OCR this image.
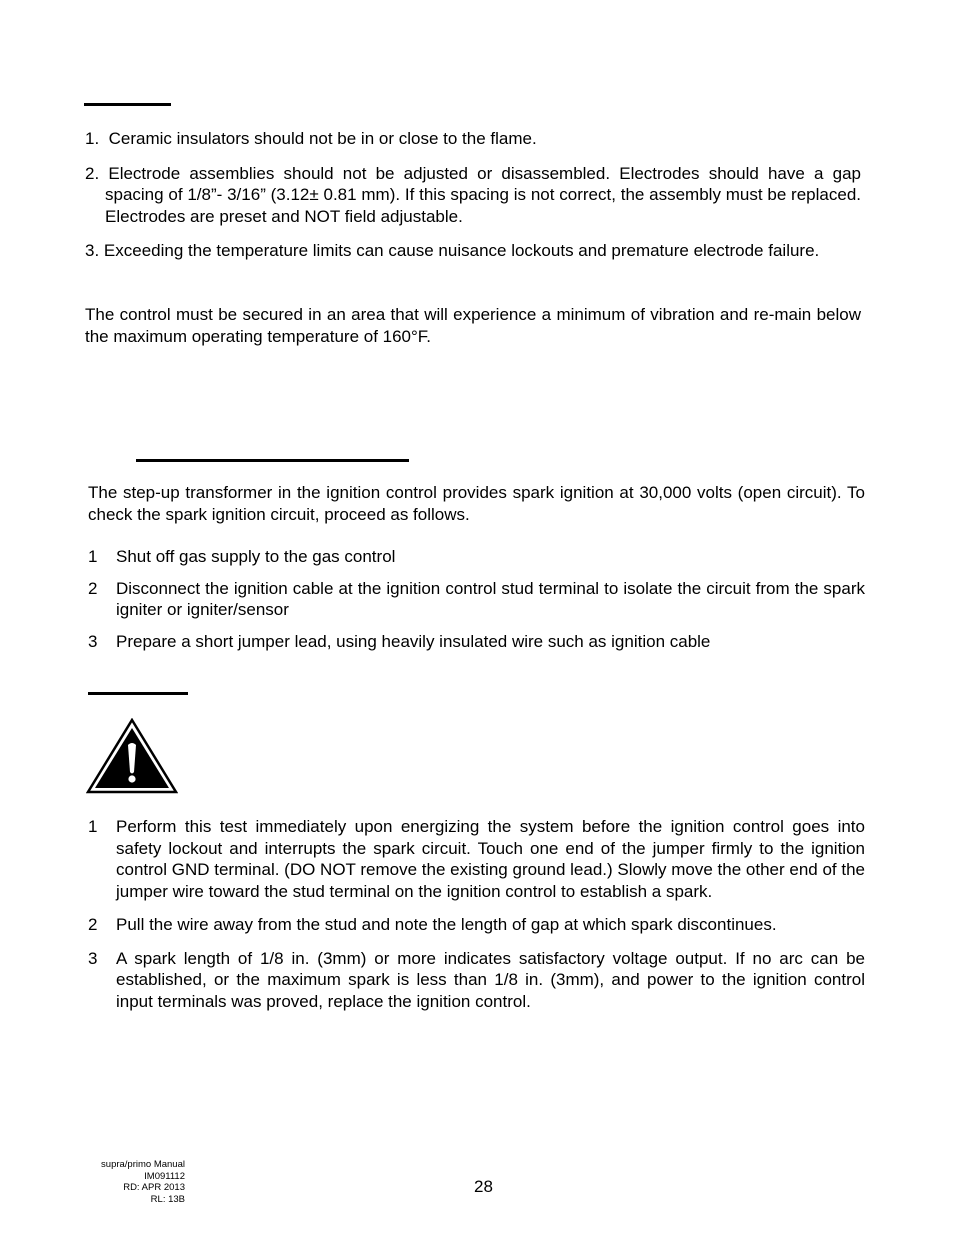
1. Ceramic insulators should not be in or close to the flame.
2. Electrode assemblies should not be adjusted or disassembled. Electrodes should have a gap spacing of 1/8”- 3/16” (3.12± 0.81 mm). If this spacing is not correct, the assembly must be replaced. Electrodes are preset and NOT field adjustable.
3. Exceeding the temperature limits can cause nuisance lockouts and premature electrode failure.
The control must be secured in an area that will experience a minimum of vibration and re-main below the maximum operating temperature of 160°F.
The step-up transformer in the ignition control provides spark ignition at 30,000 volts (open circuit). To check the spark ignition circuit, proceed as follows.
1 Shut off gas supply to the gas control
2 Disconnect the ignition cable at the ignition control stud terminal to isolate the circuit from the spark igniter or igniter/sensor
3 Prepare a short jumper lead, using heavily insulated wire such as ignition cable
1 Perform this test immediately upon energizing the system before the ignition control goes into safety lockout and interrupts the spark circuit. Touch one end of the jumper firmly to the ignition control GND terminal. (DO NOT remove the existing ground lead.) Slowly move the other end of the jumper wire toward the stud terminal on the ignition control to establish a spark.
2 Pull the wire away from the stud and note the length of gap at which spark discontinues.
3 A spark length of 1/8 in. (3mm) or more indicates satisfactory voltage output. If no arc can be established, or the maximum spark is less than 1/8 in. (3mm), and power to the ignition control input terminals was proved, replace the ignition control.
supra/primo Manual
IM091112
RD: APR 2013
RL: 13B
28
